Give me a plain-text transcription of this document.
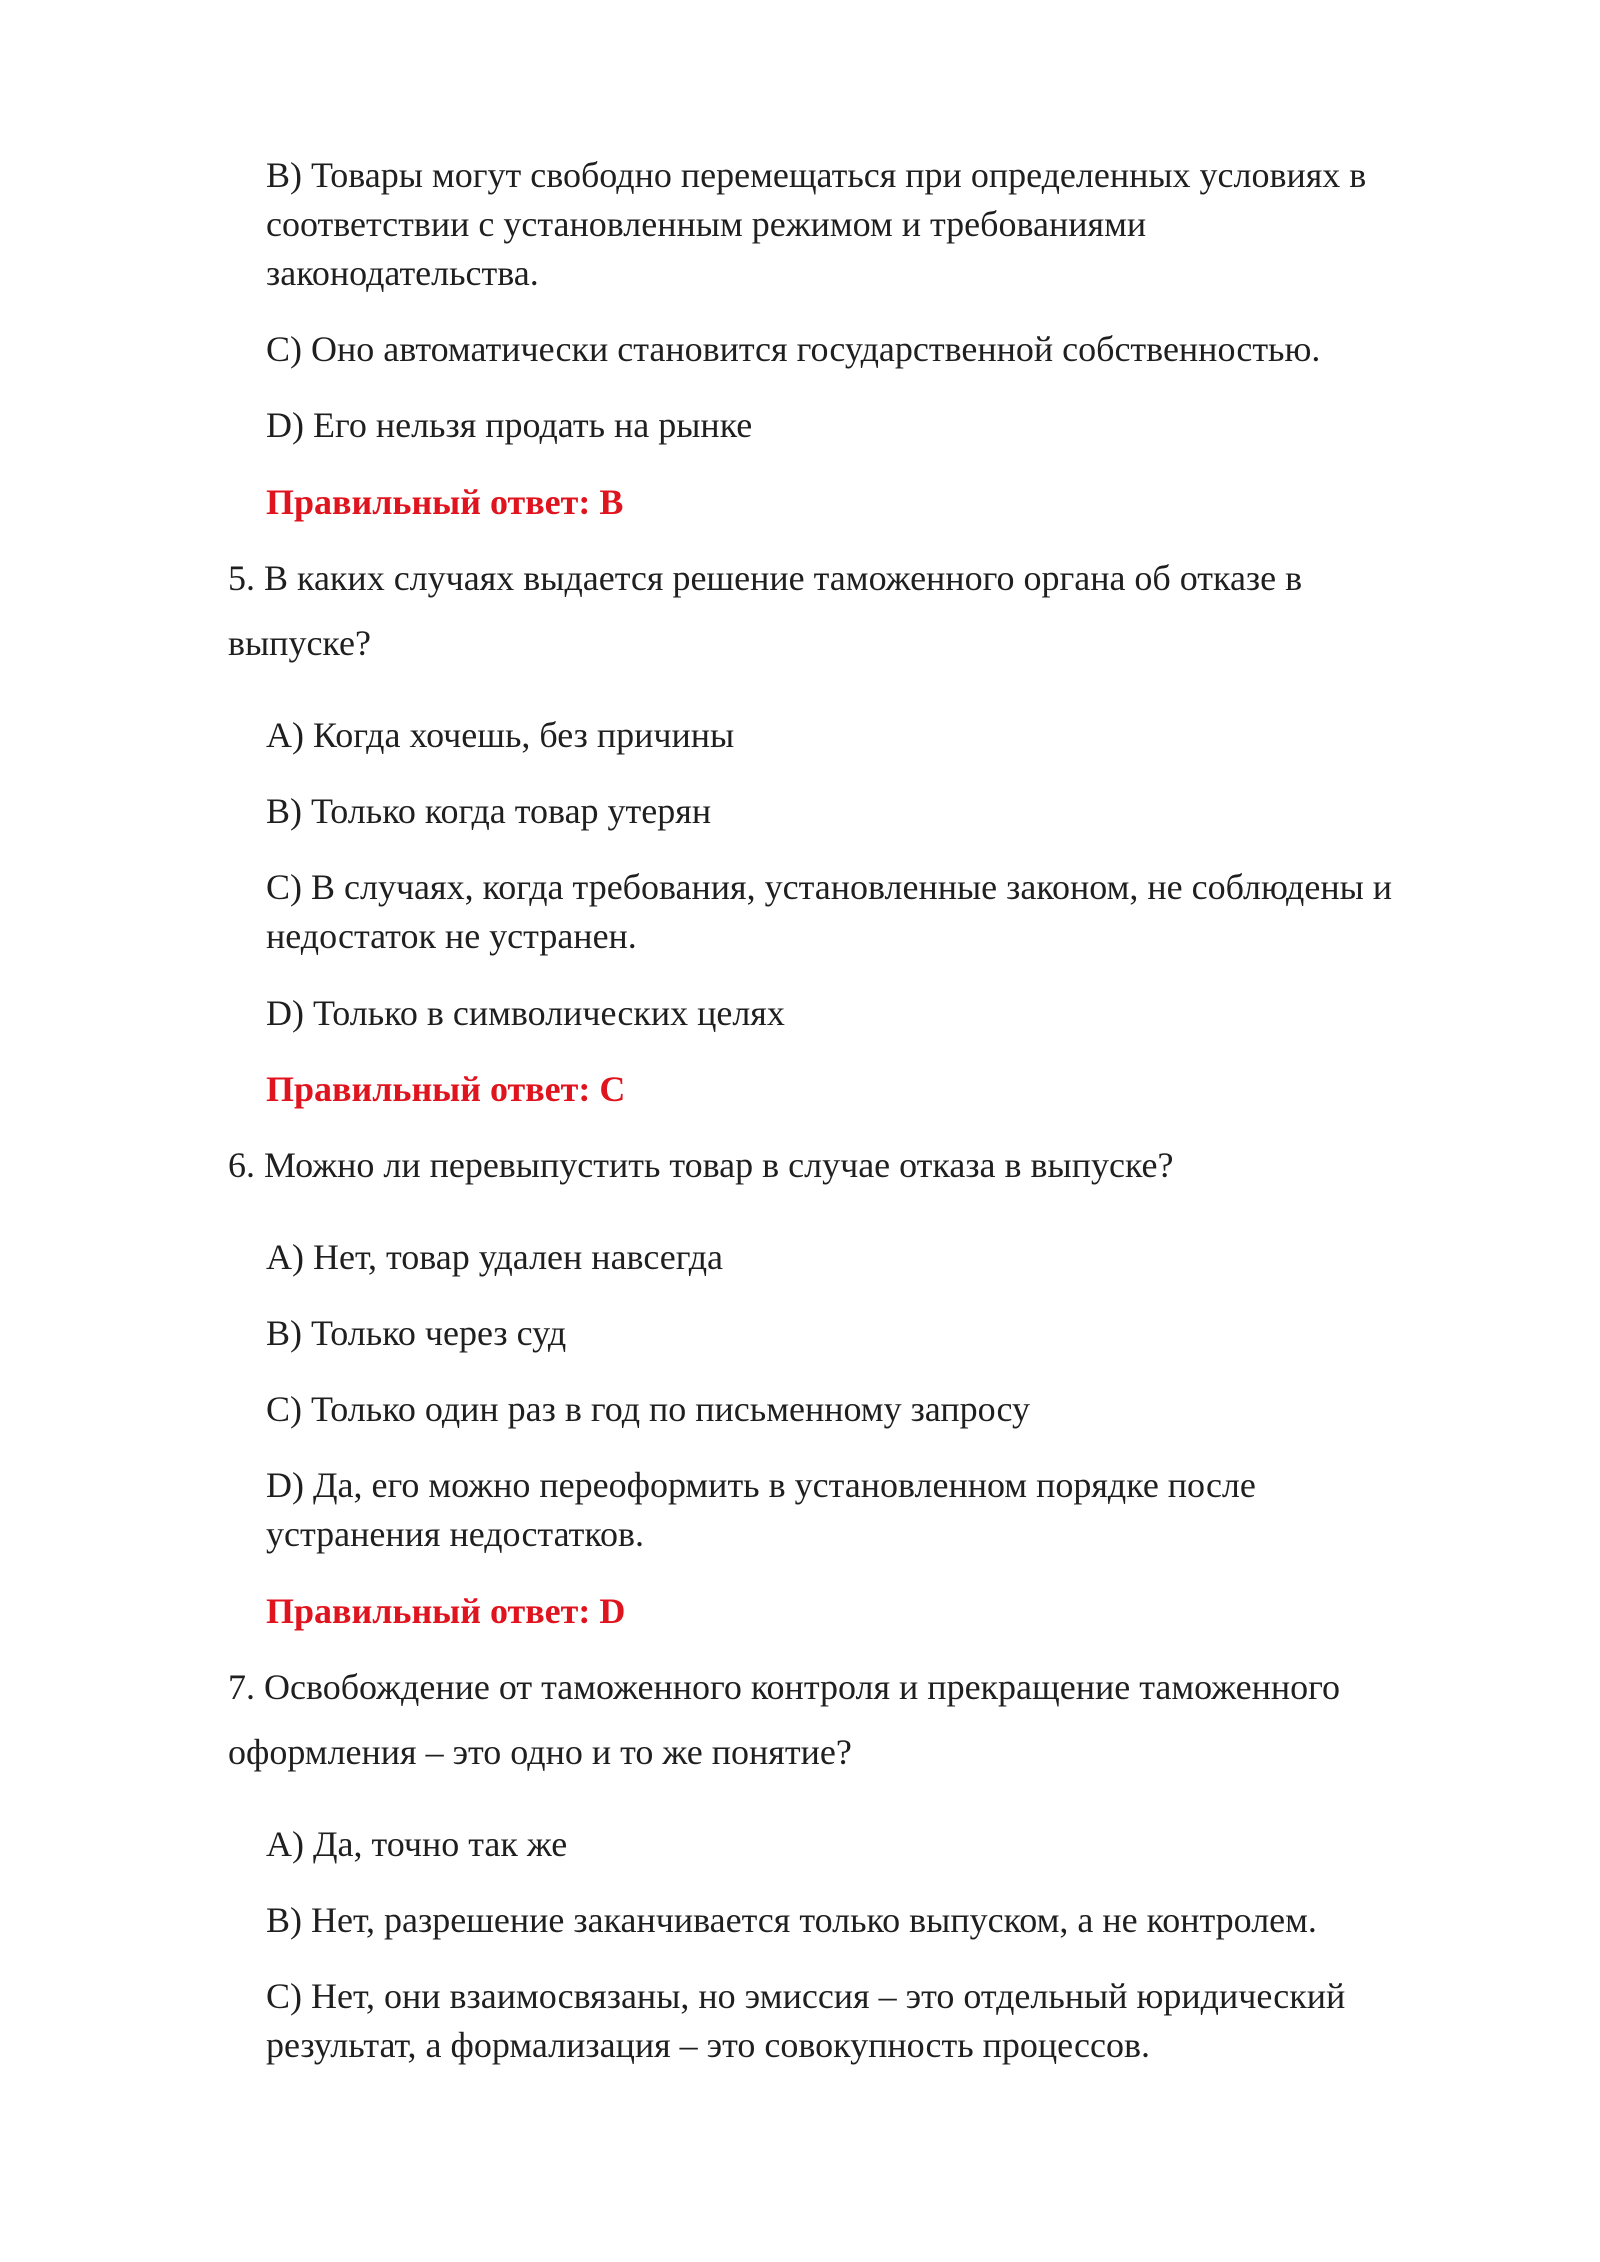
B) Товары могут свободно перемещаться при определенных условиях в
соответствии с установленным режимом и требованиями
законодательства.
C) Оно автоматически становится государственной собственностью.
D) Его нельзя продать на рынке
Правильный ответ: B
5. В каких случаях выдается решение таможенного органа об отказе в
выпуске?
A) Когда хочешь, без причины
B) Только когда товар утерян
C) В случаях, когда требования, установленные законом, не соблюдены и
недостаток не устранен.
D) Только в символических целях
Правильный ответ: C
6. Можно ли перевыпустить товар в случае отказа в выпуске?
A) Нет, товар удален навсегда
B) Только через суд
C) Только один раз в год по письменному запросу
D) Да, его можно переоформить в установленном порядке после
устранения недостатков.
Правильный ответ: D
7. Освобождение от таможенного контроля и прекращение таможенного
оформления – это одно и то же понятие?
A) Да, точно так же
B) Нет, разрешение заканчивается только выпуском, а не контролем.
C) Нет, они взаимосвязаны, но эмиссия – это отдельный юридический
результат, а формализация – это совокупность процессов.
